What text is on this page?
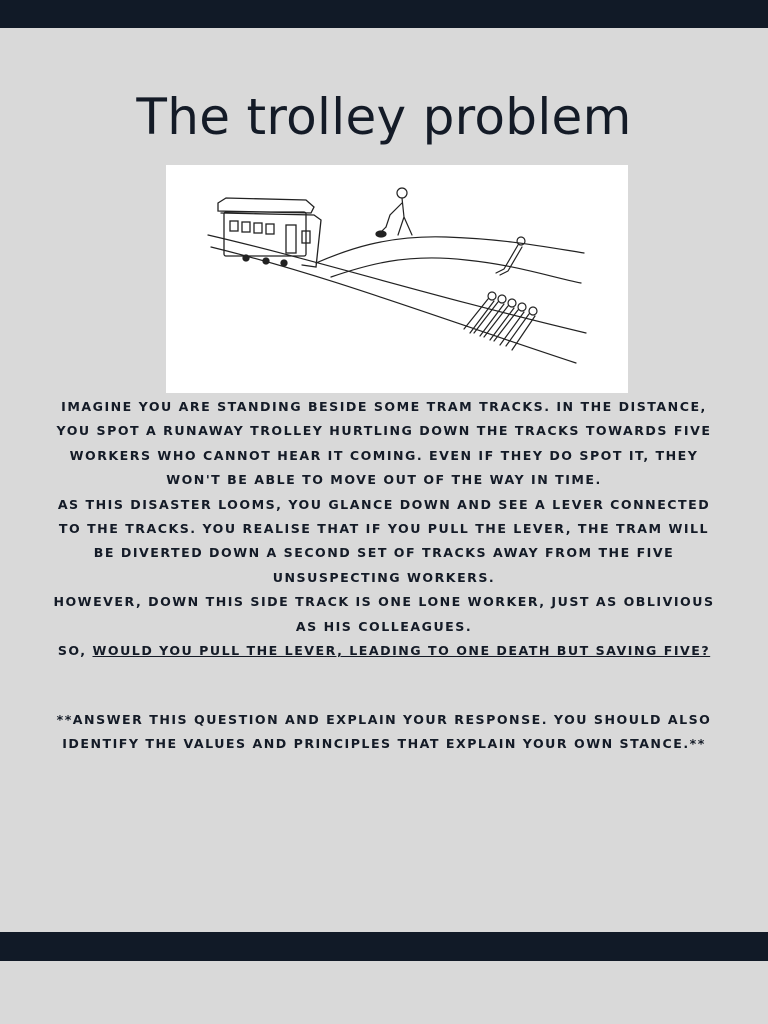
The trolley problem

IMAGINE YOU ARE STANDING BESIDE SOME TRAM TRACKS. IN THE DISTANCE, YOU SPOT A RUNAWAY TROLLEY HURTLING DOWN THE TRACKS TOWARDS FIVE WORKERS WHO CANNOT HEAR IT COMING. EVEN IF THEY DO SPOT IT, THEY WON'T BE ABLE TO MOVE OUT OF THE WAY IN TIME.

AS THIS DISASTER LOOMS, YOU GLANCE DOWN AND SEE A LEVER CONNECTED TO THE TRACKS. YOU REALISE THAT IF YOU PULL THE LEVER, THE TRAM WILL BE DIVERTED DOWN A SECOND SET OF TRACKS AWAY FROM THE FIVE UNSUSPECTING WORKERS.

HOWEVER, DOWN THIS SIDE TRACK IS ONE LONE WORKER, JUST AS OBLIVIOUS AS HIS COLLEAGUES.

SO, WOULD YOU PULL THE LEVER, LEADING TO ONE DEATH BUT SAVING FIVE?

**ANSWER THIS QUESTION AND EXPLAIN YOUR RESPONSE. YOU SHOULD ALSO IDENTIFY THE VALUES AND PRINCIPLES THAT EXPLAIN YOUR OWN STANCE.**
